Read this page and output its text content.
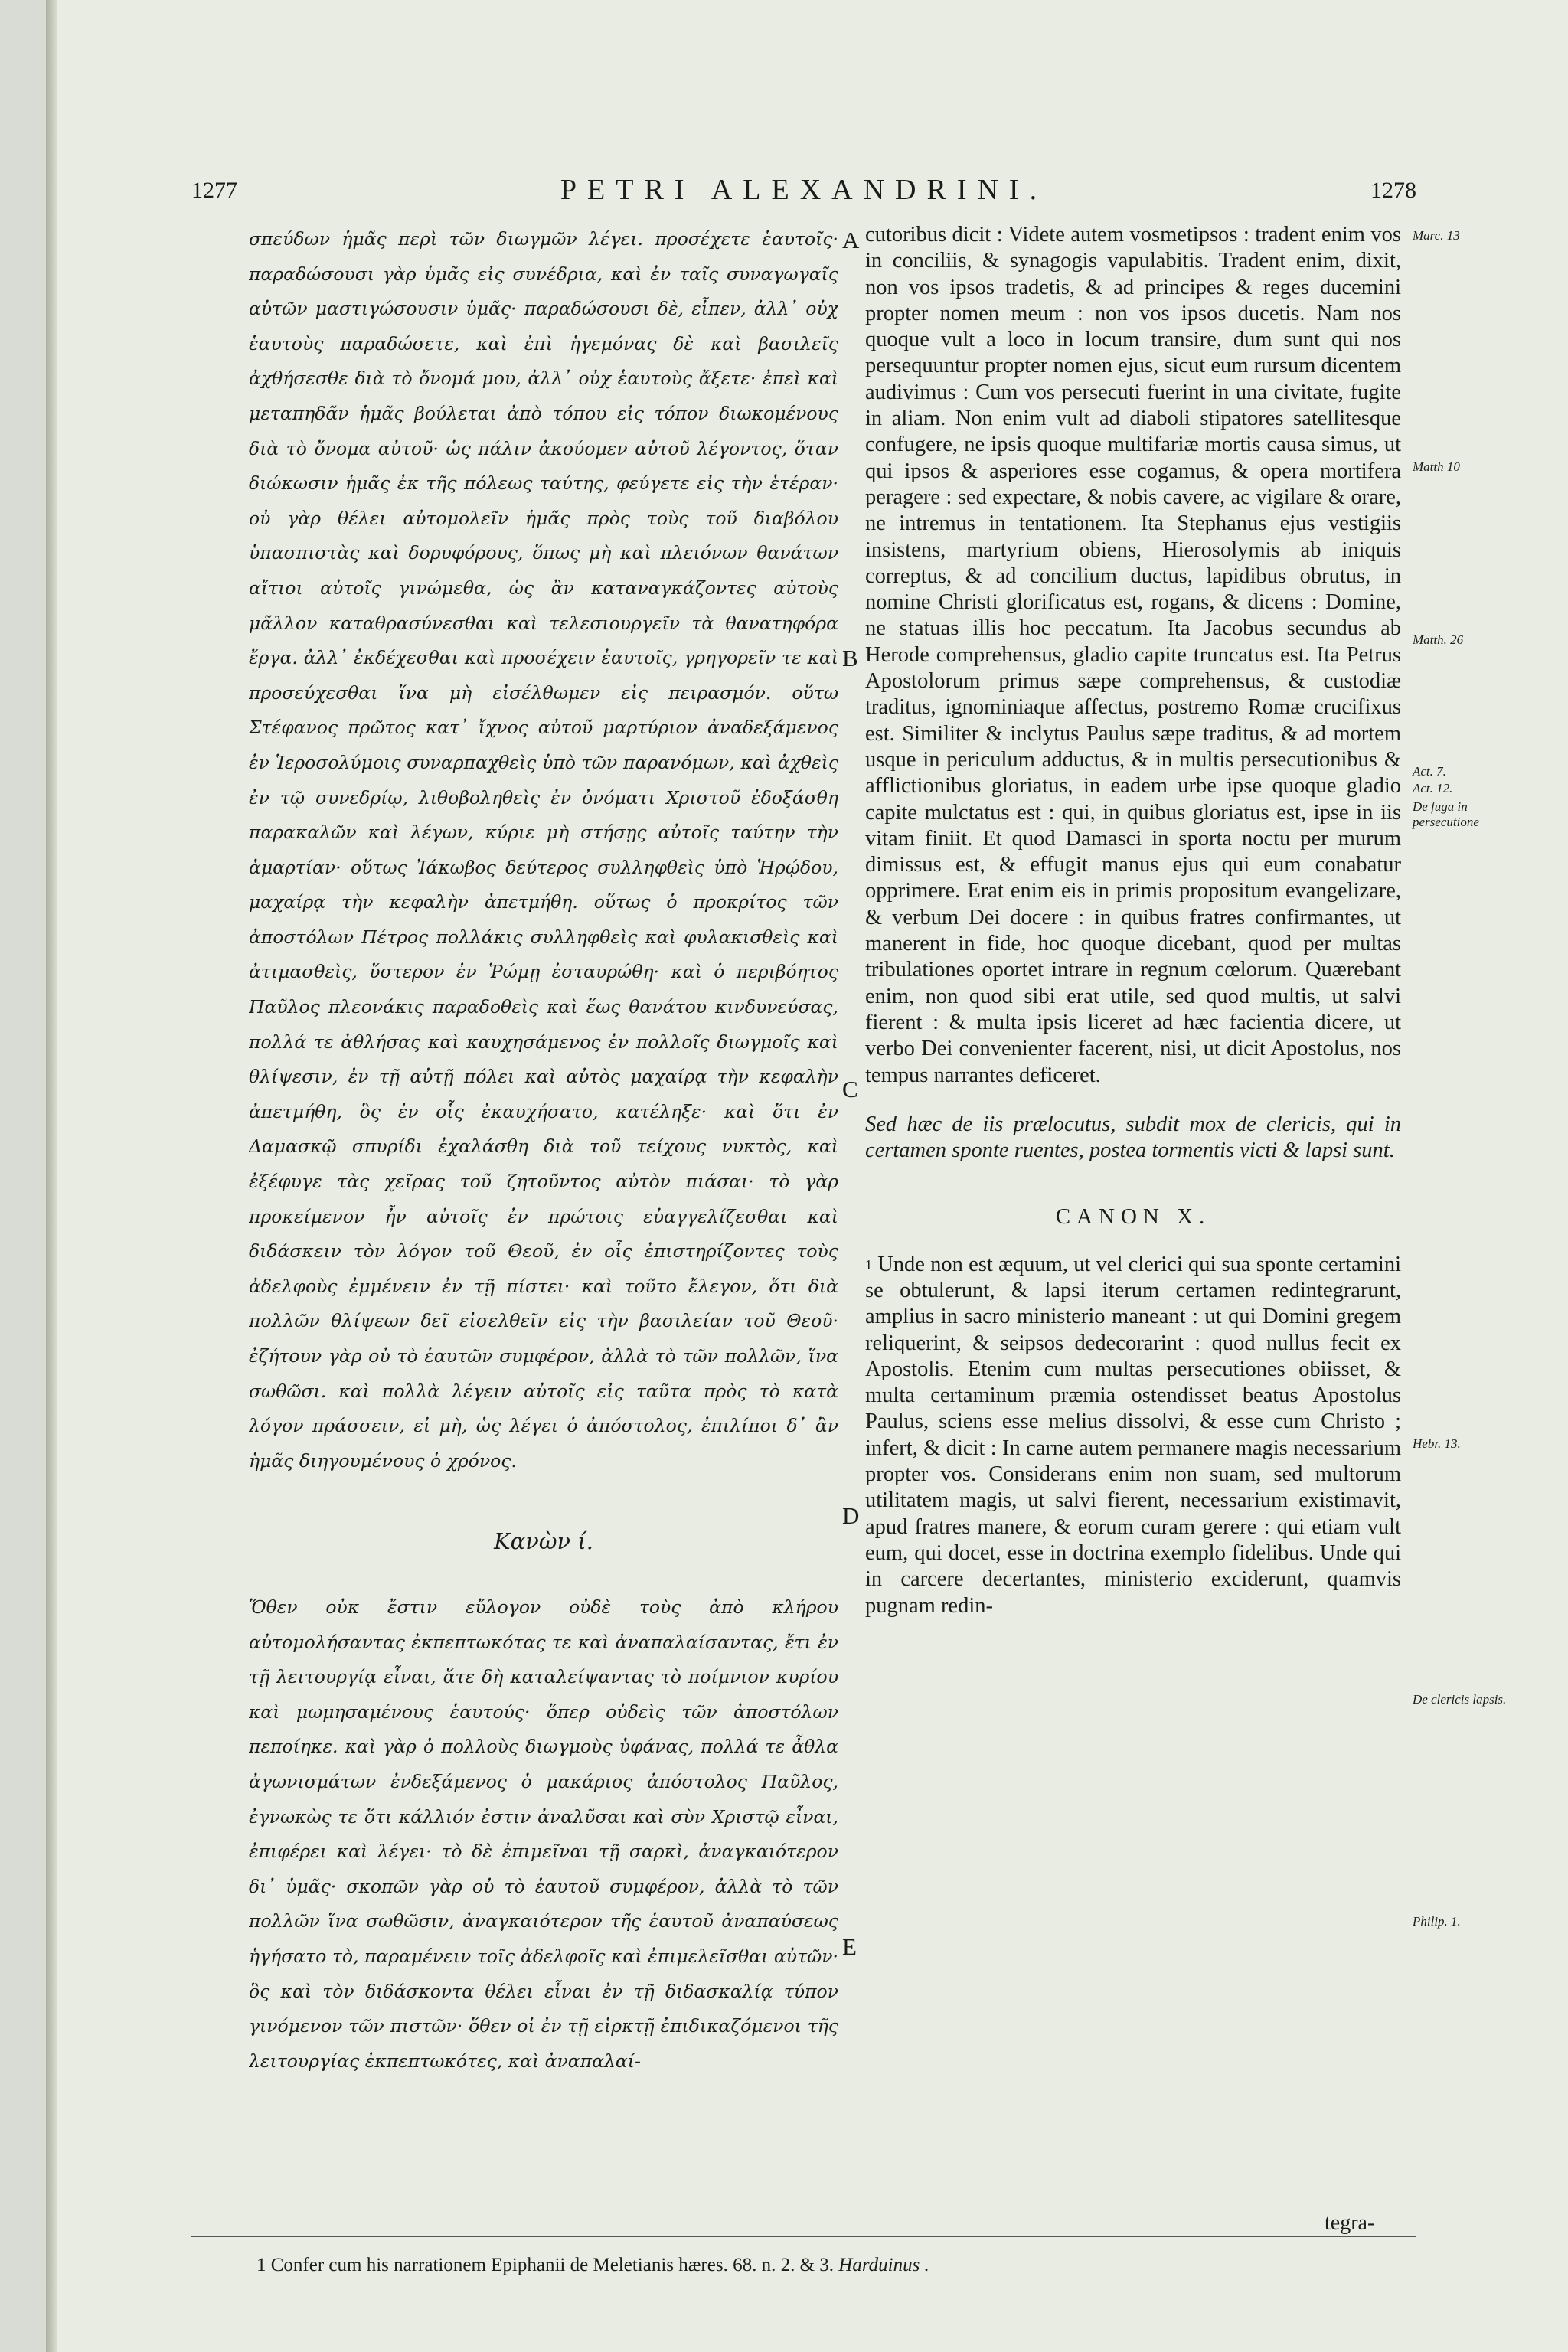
1277	PETRI ALEXANDRINI.	1278

σπεύδων ἡμᾶς περὶ τῶν διωγμῶν λέγει. προσέχετε ἑαυτοῖς· παραδώσουσι γὰρ ὑμᾶς εἰς συνέδρια, καὶ ἐν ταῖς συναγωγαῖς αὐτῶν μαστιγώσουσιν ὑμᾶς· παραδώσουσι δὲ, εἶπεν, ἀλλ᾽ οὐχ ἑαυτοὺς παραδώσετε, καὶ ἐπὶ ἡγεμόνας δὲ καὶ βασιλεῖς ἀχθήσεσθε διὰ τὸ ὄνομά μου, ἀλλ᾽ οὐχ ἑαυτοὺς ἄξετε· ἐπεὶ καὶ μεταπηδᾶν ἡμᾶς βούλεται ἀπὸ τόπου εἰς τόπον διωκομένους διὰ τὸ ὄνομα αὐτοῦ· ὡς πάλιν ἀκούομεν αὐτοῦ λέγοντος, ὅταν διώκωσιν ἡμᾶς ἐκ τῆς πόλεως ταύτης, φεύγετε εἰς τὴν ἑτέραν· οὐ γὰρ θέλει αὐτομολεῖν ἡμᾶς πρὸς τοὺς τοῦ διαβόλου ὑπασπιστὰς καὶ δορυφόρους, ὅπως μὴ καὶ πλειόνων θανάτων αἴτιοι αὐτοῖς γινώμεθα, ὡς ἂν καταναγκάζοντες αὐτοὺς μᾶλλον καταθρασύνεσθαι καὶ τελεσιουργεῖν τὰ θανατηφόρα ἔργα. ἀλλ᾽ ἐκδέχεσθαι καὶ προσέχειν ἑαυτοῖς, γρηγορεῖν τε καὶ προσεύχεσθαι ἵνα μὴ εἰσέλθωμεν εἰς πειρασμόν. οὕτω Στέφανος πρῶτος κατ᾽ ἴχνος αὐτοῦ μαρτύριον ἀναδεξάμενος ἐν Ἱεροσολύμοις συναρπαχθεὶς ὑπὸ τῶν παρανόμων, καὶ ἀχθεὶς ἐν τῷ συνεδρίῳ, λιθοβοληθεὶς ἐν ὀνόματι Χριστοῦ ἐδοξάσθη παρακαλῶν καὶ λέγων, κύριε μὴ στήσῃς αὐτοῖς ταύτην τὴν ἁμαρτίαν· οὕτως Ἰάκωβος δεύτερος συλληφθεὶς ὑπὸ Ἡρῴδου, μαχαίρᾳ τὴν κεφαλὴν ἀπετμήθη. οὕτως ὁ προκρίτος τῶν ἀποστόλων Πέτρος πολλάκις συλληφθεὶς καὶ φυλακισθεὶς καὶ ἀτιμασθεὶς, ὕστερον ἐν Ῥώμῃ ἐσταυρώθη· καὶ ὁ περιβόητος Παῦλος πλεονάκις παραδοθεὶς καὶ ἕως θανάτου κινδυνεύσας, πολλά τε ἀθλήσας καὶ καυχησάμενος ἐν πολλοῖς διωγμοῖς καὶ θλίψεσιν, ἐν τῇ αὐτῇ πόλει καὶ αὐτὸς μαχαίρᾳ τὴν κεφαλὴν ἀπετμήθη, ὃς ἐν οἷς ἐκαυχήσατο, κατέληξε· καὶ ὅτι ἐν Δαμασκῷ σπυρίδι ἐχαλάσθη διὰ τοῦ τείχους νυκτὸς, καὶ ἐξέφυγε τὰς χεῖρας τοῦ ζητοῦντος αὐτὸν πιάσαι· τὸ γὰρ προκείμενον ἦν αὐτοῖς ἐν πρώτοις εὐαγγελίζεσθαι καὶ διδάσκειν τὸν λόγον τοῦ Θεοῦ, ἐν οἷς ἐπιστηρίζοντες τοὺς ἀδελφοὺς ἐμμένειν ἐν τῇ πίστει· καὶ τοῦτο ἔλεγον, ὅτι διὰ πολλῶν θλίψεων δεῖ εἰσελθεῖν εἰς τὴν βασιλείαν τοῦ Θεοῦ· ἐζήτουν γὰρ οὐ τὸ ἑαυτῶν συμφέρον, ἀλλὰ τὸ τῶν πολλῶν, ἵνα σωθῶσι. καὶ πολλὰ λέγειν αὐτοῖς εἰς ταῦτα πρὸς τὸ κατὰ λόγον πράσσειν, εἰ μὴ, ὡς λέγει ὁ ἀπόστολος, ἐπιλίποι δ᾽ ἂν ἡμᾶς διηγουμένους ὁ χρόνος.

Κανὼν ί.

Ὅθεν οὐκ ἔστιν εὔλογον οὐδὲ τοὺς ἀπὸ κλήρου αὐτομολήσαντας ἐκπεπτωκότας τε καὶ ἀναπαλαίσαντας, ἔτι ἐν τῇ λειτουργίᾳ εἶναι, ἅτε δὴ καταλείψαντας τὸ ποίμνιον κυρίου καὶ μωμησαμένους ἑαυτούς· ὅπερ οὐδεὶς τῶν ἀποστόλων πεποίηκε. καὶ γὰρ ὁ πολλοὺς διωγμοὺς ὑφάνας, πολλά τε ἆθλα ἀγωνισμάτων ἐνδεξάμενος ὁ μακάριος ἀπόστολος Παῦλος, ἐγνωκὼς τε ὅτι κάλλιόν ἐστιν ἀναλῦσαι καὶ σὺν Χριστῷ εἶναι, ἐπιφέρει καὶ λέγει· τὸ δὲ ἐπιμεῖναι τῇ σαρκὶ, ἀναγκαιότερον δι᾽ ὑμᾶς· σκοπῶν γὰρ οὐ τὸ ἑαυτοῦ συμφέρον, ἀλλὰ τὸ τῶν πολλῶν ἵνα σωθῶσιν, ἀναγκαιότερον τῆς ἑαυτοῦ ἀναπαύσεως ἡγήσατο τὸ, παραμένειν τοῖς ἀδελφοῖς καὶ ἐπιμελεῖσθαι αὐτῶν· ὃς καὶ τὸν διδάσκοντα θέλει εἶναι ἐν τῇ διδασκαλίᾳ τύπον γινόμενον τῶν πιστῶν· ὅθεν οἱ ἐν τῇ εἱρκτῇ ἐπιδικαζόμενοι τῆς λειτουργίας ἐκπεπτωκότες, καὶ ἀναπαλαί-

cutoribus dicit : Videte autem vosmetipsos : tradent enim vos in conciliis, & synagogis vapulabitis. Tradent enim, dixit, non vos ipsos tradetis, & ad principes & reges ducemini propter nomen meum : non vos ipsos ducetis. Nam nos quoque vult a loco in locum transire, dum sunt qui nos persequuntur propter nomen ejus, sicut eum rursum dicentem audivimus : Cum vos persecuti fuerint in una civitate, fugite in aliam. Non enim vult ad diaboli stipatores satellitesque confugere, ne ipsis quoque multifariæ mortis causa simus, ut qui ipsos & asperiores esse cogamus, & opera mortifera peragere : sed expectare, & nobis cavere, ac vigilare & orare, ne intremus in tentationem. Ita Stephanus ejus vestigiis insistens, martyrium obiens, Hierosolymis ab iniquis correptus, & ad concilium ductus, lapidibus obrutus, in nomine Christi glorificatus est, rogans, & dicens : Domine, ne statuas illis hoc peccatum. Ita Jacobus secundus ab Herode comprehensus, gladio capite truncatus est. Ita Petrus Apostolorum primus sæpe comprehensus, & custodiæ traditus, ignominiaque affectus, postremo Romæ crucifixus est. Similiter & inclytus Paulus sæpe traditus, & ad mortem usque in periculum adductus, & in multis persecutionibus & afflictionibus gloriatus, in eadem urbe ipse quoque gladio capite mulctatus est : qui, in quibus gloriatus est, ipse in iis vitam finiit. Et quod Damasci in sporta noctu per murum dimissus est, & effugit manus ejus qui eum conabatur opprimere. Erat enim eis in primis propositum evangelizare, & verbum Dei docere : in quibus fratres confirmantes, ut manerent in fide, hoc quoque dicebant, quod per multas tribulationes oportet intrare in regnum cœlorum. Quærebant enim, non quod sibi erat utile, sed quod multis, ut salvi fierent : & multa ipsis liceret ad hæc facientia dicere, ut verbo Dei convenienter facerent, nisi, ut dicit Apostolus, nos tempus narrantes deficeret.

Sed hæc de iis prælocutus, subdit mox de clericis, qui in certamen sponte ruentes, postea tormentis victi & lapsi sunt.

CANON X.

$^1$ Unde non est æquum, ut vel clerici qui sua sponte certamini se obtulerunt, & lapsi iterum certamen redintegrarunt, amplius in sacro ministerio maneant : ut qui Domini gregem reliquerint, & seipsos dedecorarint : quod nullus fecit ex Apostolis. Etenim cum multas persecutiones obiisset, & multa certaminum præmia ostendisset beatus Apostolus Paulus, sciens esse melius dissolvi, & esse cum Christo ; infert, & dicit : In carne autem permanere magis necessarium propter vos. Considerans enim non suam, sed multorum utilitatem magis, ut salvi fierent, necessarium existimavit, apud fratres manere, & eorum curam gerere : qui etiam vult eum, qui docet, esse in doctrina exemplo fidelibus. Unde qui in carcere decertantes, ministerio exciderunt, quamvis pugnam redin-

tegra-
A
B
C
D
E
Marc. 13
Matth 10
Matth. 26
Act. 7.
Act. 12.
De fuga in persecutione
Hebr. 13.
De clericis lapsis.
Philip. 1.
1 Confer cum his narrationem Epiphanii de Meletianis hæres. 68. n. 2. & 3. Harduinus .
